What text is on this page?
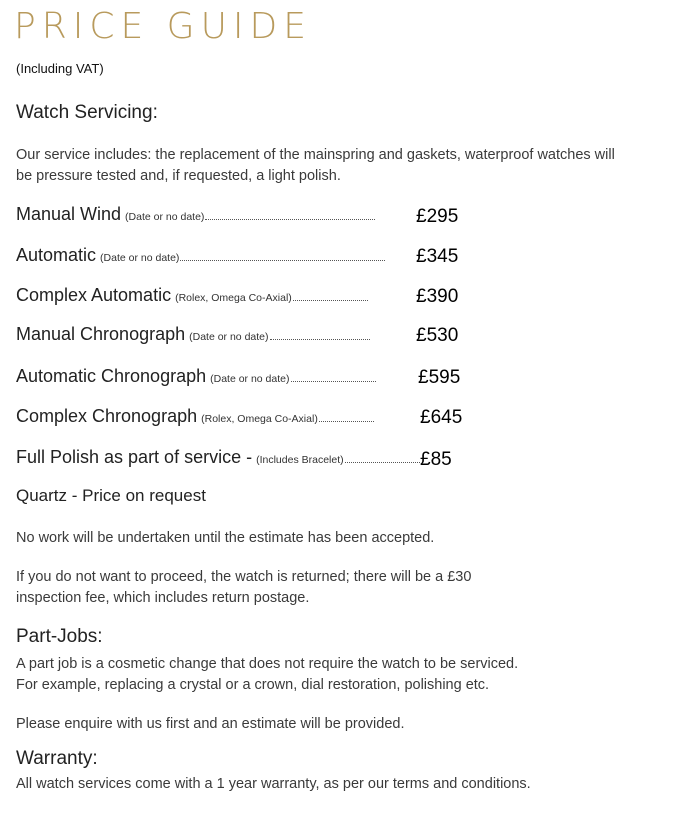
PRICE GUIDE
(Including VAT)
Watch Servicing:
Our service includes: the replacement of the mainspring and gaskets, waterproof watches will
be pressure tested and, if requested, a light polish.
Manual Wind (Date or no date)	£295
Automatic (Date or no date)	£345
Complex Automatic (Rolex, Omega Co-Axial)	£390
Manual Chronograph (Date or no date)	£530
Automatic Chronograph (Date or no date)	£595
Complex Chronograph (Rolex, Omega Co-Axial)	£645
Full Polish as part of service - (Includes Bracelet)	£85
Quartz - Price on request
No work will be undertaken until the estimate has been accepted.
If you do not want to proceed, the watch is returned; there will be a £30
inspection fee, which includes return postage.
Part-Jobs:
A part job is a cosmetic change that does not require the watch to be serviced.
For example, replacing a crystal or a crown, dial restoration, polishing etc.
Please enquire with us first and an estimate will be provided.
Warranty:
All watch services come with a 1 year warranty, as per our terms and conditions.
